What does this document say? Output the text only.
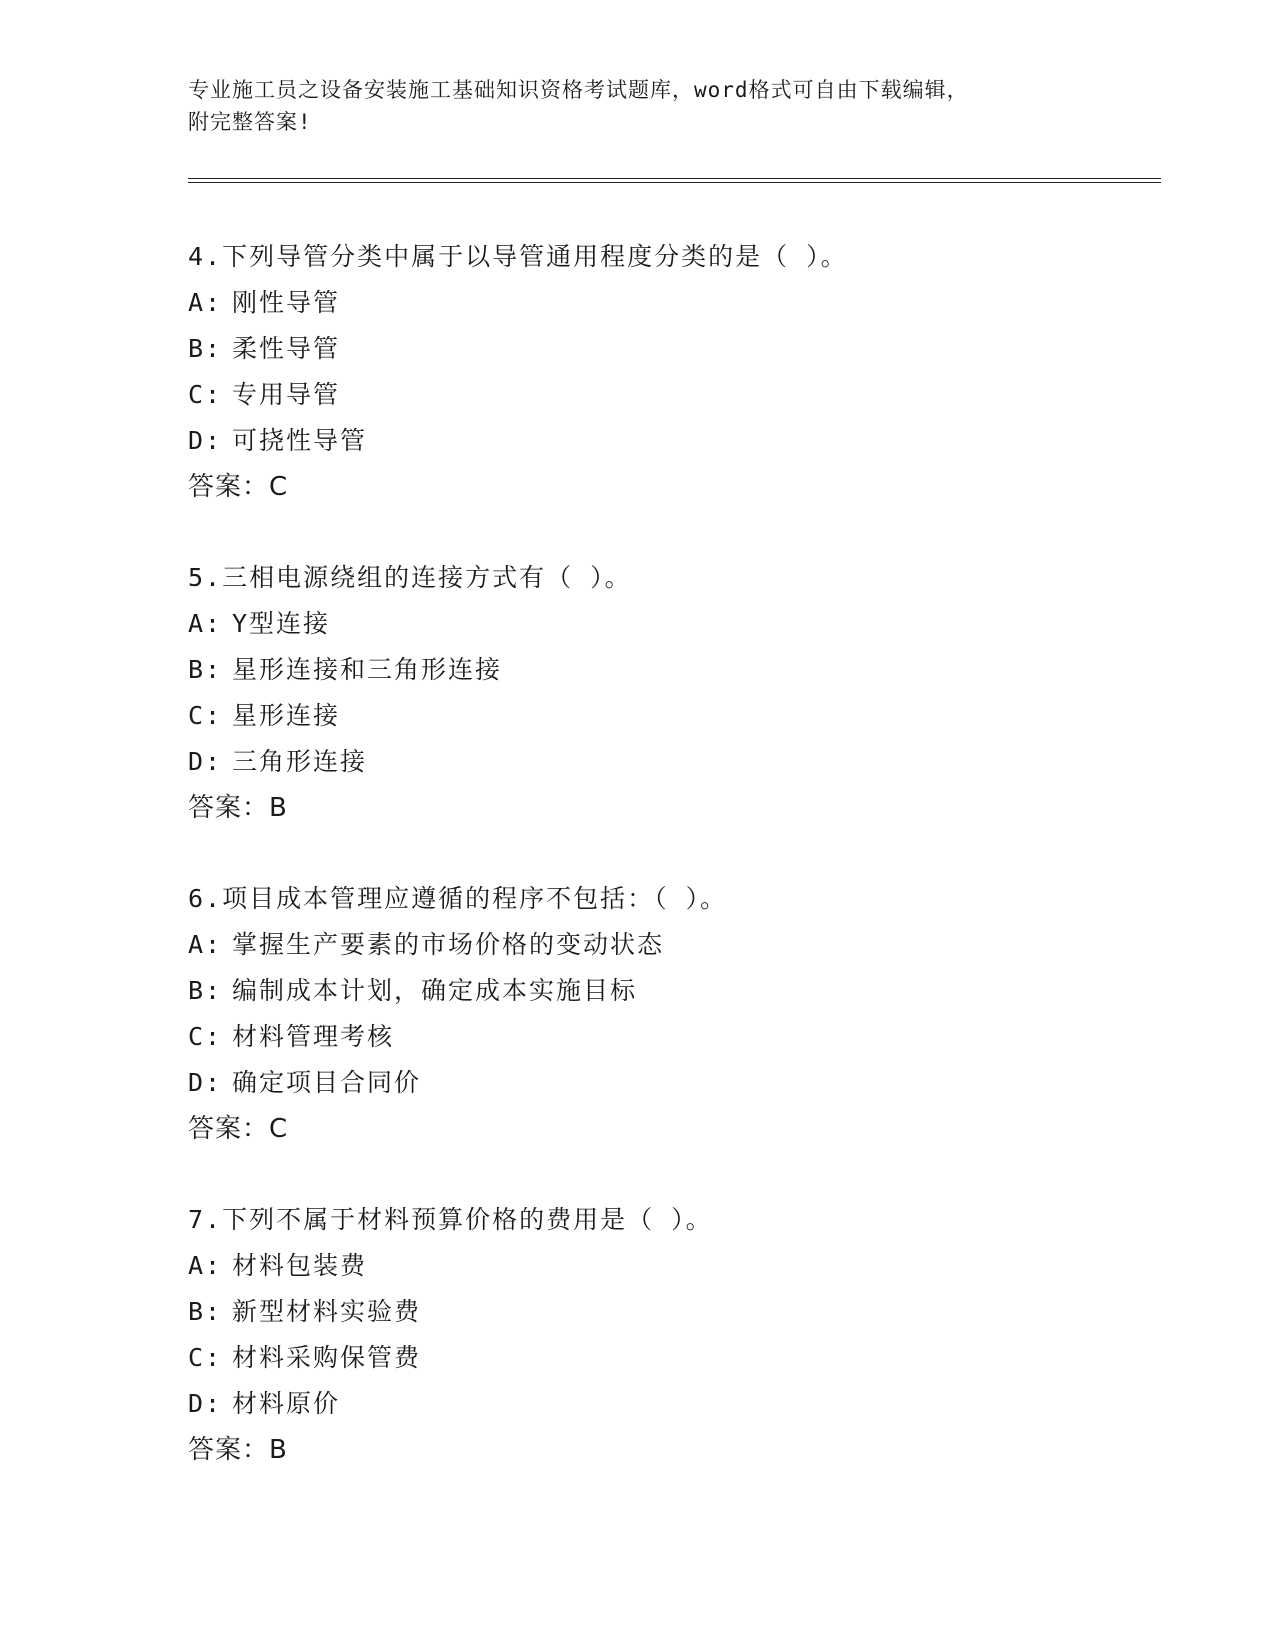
专业施工员之设备安装施工基础知识资格考试题库，word格式可自由下载编辑，
附完整答案!
4.下列导管分类中属于以导管通用程度分类的是（ ）。
A: 刚性导管
B: 柔性导管
C: 专用导管
D: 可挠性导管
答案：C
5.三相电源绕组的连接方式有（ ）。
A: Y型连接
B: 星形连接和三角形连接
C: 星形连接
D: 三角形连接
答案：B
6.项目成本管理应遵循的程序不包括：（ ）。
A: 掌握生产要素的市场价格的变动状态
B: 编制成本计划，确定成本实施目标
C: 材料管理考核
D: 确定项目合同价
答案：C
7.下列不属于材料预算价格的费用是（ ）。
A: 材料包装费
B: 新型材料实验费
C: 材料采购保管费
D: 材料原价
答案：B
